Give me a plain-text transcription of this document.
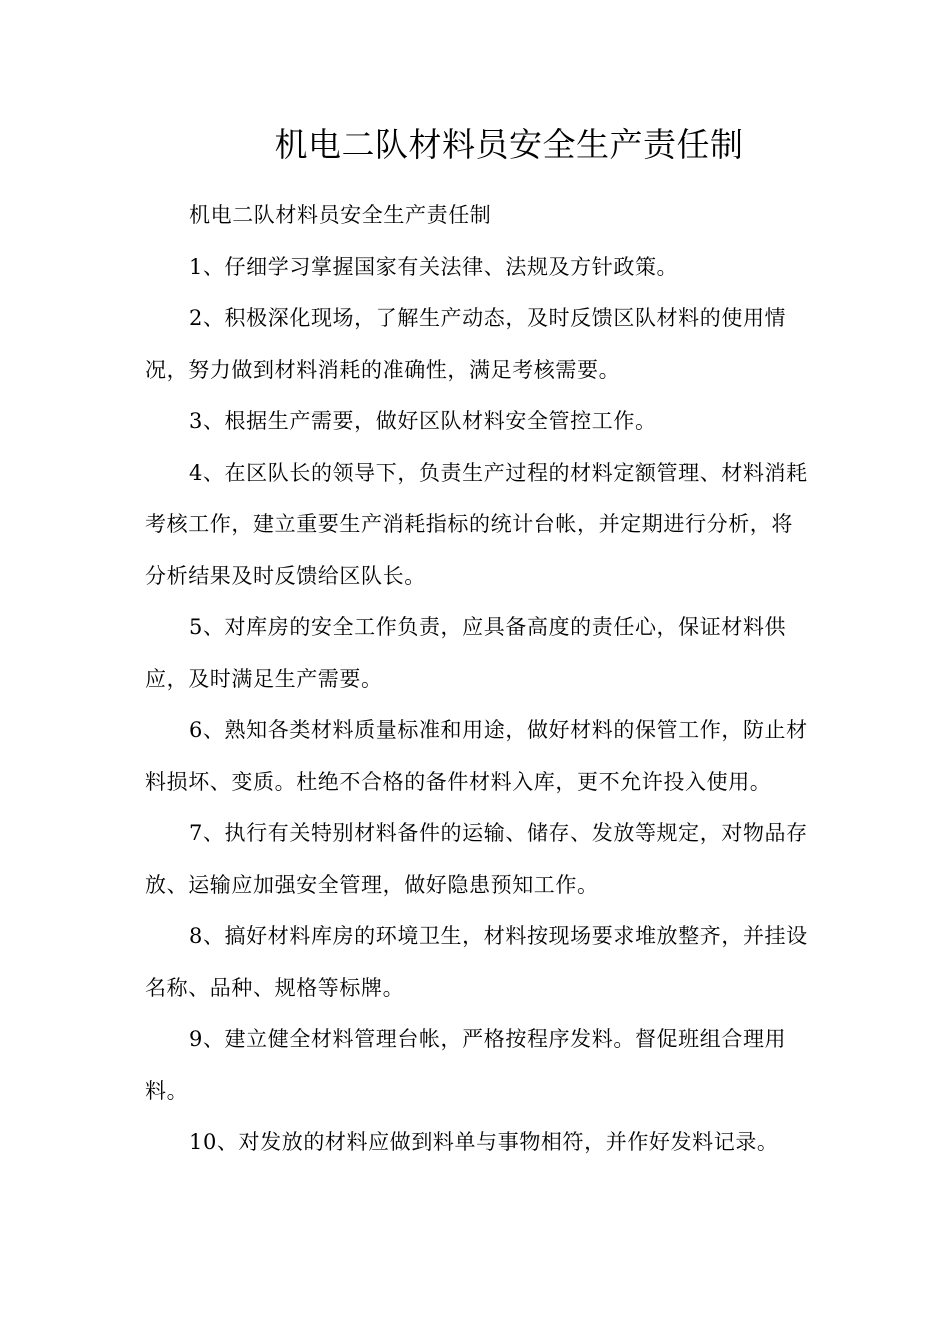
机电二队材料员安全生产责任制

机电二队材料员安全生产责任制

1、仔细学习掌握国家有关法律、法规及方针政策。

2、积极深化现场，了解生产动态，及时反馈区队材料的使用情况，努力做到材料消耗的准确性，满足考核需要。

3、根据生产需要，做好区队材料安全管控工作。

4、在区队长的领导下，负责生产过程的材料定额管理、材料消耗考核工作，建立重要生产消耗指标的统计台帐，并定期进行分析，将分析结果及时反馈给区队长。

5、对库房的安全工作负责，应具备高度的责任心，保证材料供应，及时满足生产需要。

6、熟知各类材料质量标准和用途，做好材料的保管工作，防止材料损坏、变质。杜绝不合格的备件材料入库，更不允许投入使用。

7、执行有关特别材料备件的运输、储存、发放等规定，对物品存放、运输应加强安全管理，做好隐患预知工作。

8、搞好材料库房的环境卫生，材料按现场要求堆放整齐，并挂设名称、品种、规格等标牌。

9、建立健全材料管理台帐，严格按程序发料。督促班组合理用料。

10、对发放的材料应做到料单与事物相符，并作好发料记录。
